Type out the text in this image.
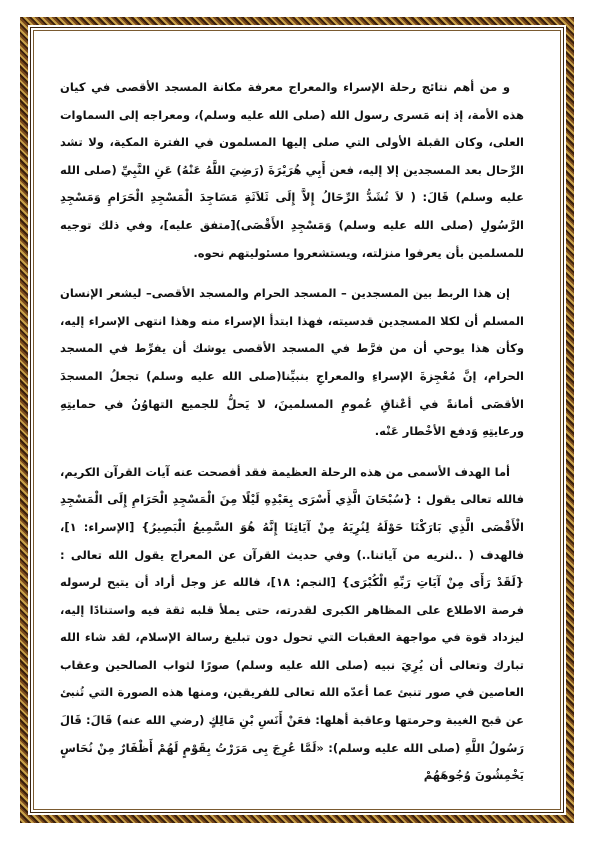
و من أهم نتائج رحلة الإسراء والمعراج معرفة مكانة المسجد الأقصى في كيان هذه الأمة، إذ إنه مَسرى رسول الله (صلى الله عليه وسلم)، ومعراجه إلى السماوات العلى، وكان القبلة الأولى التي صلى إليها المسلمون في الفترة المكية، ولا تشد الرِّحال بعد المسجدين إلا إليه، فعن أَبِي هُرَيْرَةَ (رَضِيَ اللَّهُ عَنْهُ) عَنِ النَّبِيِّ (صلى الله عليه وسلم) قَالَ: ( لاَ تُشَدُّ الرِّحَالُ إِلاَّ إِلَى ثَلاَثَةِ مَسَاجِدَ الْمَسْجِدِ الْحَرَامِ وَمَسْجِدِ الرَّسُولِ (صلى الله عليه وسلم) وَمَسْجِدِ الأَقْصَى)[متفق عليه]، وفي ذلك توجيه للمسلمين بأن يعرفوا منزلته، ويستشعروا مسئوليتهم نحوه.

إن هذا الربط بين المسجدين – المسجد الحرام والمسجد الأقصى– ليشعر الإنسان المسلم أن لكلا المسجدين قدسيته، فهذا ابتدأ الإسراء منه وهذا انتهى الإسراء إليه، وكأن هذا يوحي أن من فرَّط في المسجد الأقصى يوشك أن يفرِّط في المسجد الحرام، إنَّ مُعْجِزةَ الإسراءِ والمعراجِ بنبيِّنا(صلى الله عليه وسلم) تجعلُ المسجدَ الأقصَى أمانةً في أعْناقِ عُمومِ المسلمينَ، لا يَحلُّ للجميع التهاوُنُ في حمايتِهِ ورعايتِهِ وَدفع الأخْطار عَنْه.

أما الهدف الأسمى من هذه الرحلة العظيمة فقد أفصحت عنه آيات القرآن الكريم، فالله تعالى يقول : {سُبْحَانَ الَّذِي أَسْرَى بِعَبْدِهِ لَيْلًا مِنَ الْمَسْجِدِ الْحَرَامِ إِلَى الْمَسْجِدِ الْأَقْصَى الَّذِي بَارَكْنَا حَوْلَهُ لِنُرِيَهُ مِنْ آيَاتِنَا إِنَّهُ هُوَ السَّمِيعُ الْبَصِيرُ} [الإسراء: ١]، فالهدف ( ..لنريه من آياتنا..) وفي حديث القرآن عن المعراج يقول الله تعالى : {لَقَدْ رَأَى مِنْ آيَاتِ رَبِّهِ الْكُبْرَى} [النجم: ١٨]، فالله عز وجل أراد أن يتيح لرسوله فرصة الاطلاع على المظاهر الكبرى لقدرته، حتى يملأ قلبه ثقة فيه واستنادًا إليه، ليزداد قوة في مواجهة العقبات التي تحول دون تبليغ رسالة الإسلام، لقد شاء الله تبارك وتعالى أن يُرِيَ نبيه (صلى الله عليه وسلم) صورًا لثواب الصالحين وعقاب العاصين في صور تنبئ عما أعدّه الله تعالى للفريقين، ومنها هذه الصورة التي تُنبئ عن قبح الغيبة وحرمتها وعاقبة أهلها: فعَنْ أَنَسِ بْنِ مَالِكٍ (رضي الله عنه) قَالَ: قَالَ رَسُولُ اللَّهِ (صلى الله عليه وسلم): «لَمَّا عُرِجَ بِى مَرَرْتُ بِقَوْمٍ لَهُمْ أَظْفَارٌ مِنْ نُحَاسٍ يَخْمِشُونَ وُجُوهَهُمْ
